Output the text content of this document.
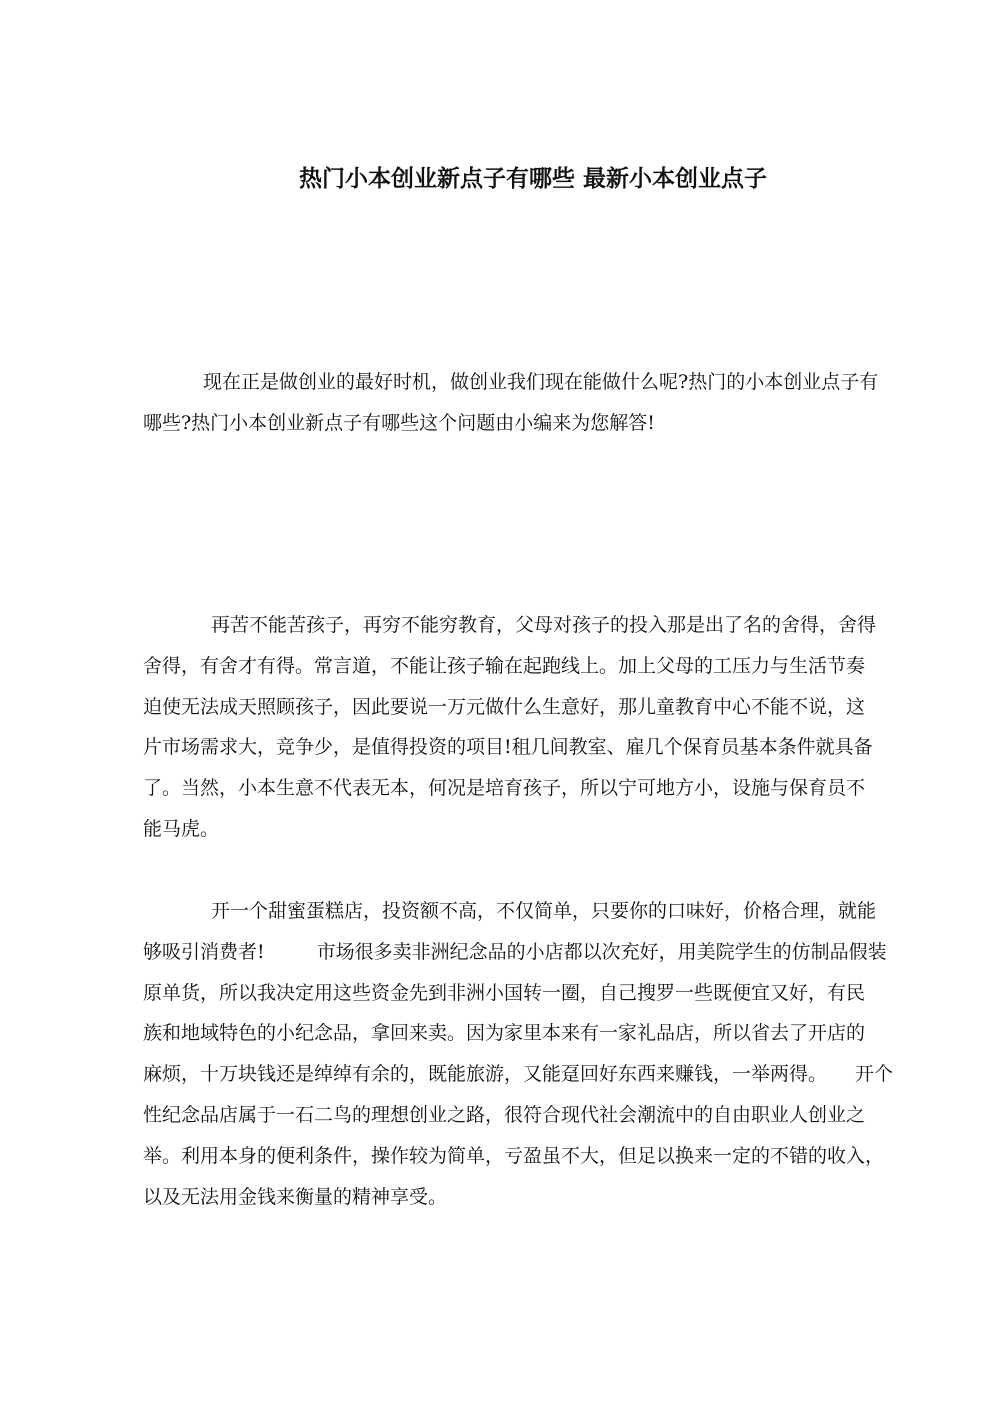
热门小本创业新点子有哪些 最新小本创业点子
现在正是做创业的最好时机，做创业我们现在能做什么呢?热门的小本创业点子有
哪些?热门小本创业新点子有哪些这个问题由小编来为您解答!
再苦不能苦孩子，再穷不能穷教育，父母对孩子的投入那是出了名的舍得，舍得
舍得，有舍才有得。常言道，不能让孩子输在起跑线上。加上父母的工压力与生活节奏
迫使无法成天照顾孩子，因此要说一万元做什么生意好，那儿童教育中心不能不说，这
片市场需求大，竞争少，是值得投资的项目!租几间教室、雇几个保育员基本条件就具备
了。当然，小本生意不代表无本，何况是培育孩子，所以宁可地方小，设施与保育员不
能马虎。
开一个甜蜜蛋糕店，投资额不高，不仅简单，只要你的口味好，价格合理，就能
够吸引消费者!	市场很多卖非洲纪念品的小店都以次充好，用美院学生的仿制品假装
原单货，所以我决定用这些资金先到非洲小国转一圈，自己搜罗一些既便宜又好，有民
族和地域特色的小纪念品，拿回来卖。因为家里本来有一家礼品店，所以省去了开店的
麻烦，十万块钱还是绰绰有余的，既能旅游，又能趸回好东西来赚钱，一举两得。 开个
性纪念品店属于一石二鸟的理想创业之路，很符合现代社会潮流中的自由职业人创业之
举。利用本身的便利条件，操作较为简单，亏盈虽不大，但足以换来一定的不错的收入，
以及无法用金钱来衡量的精神享受。
